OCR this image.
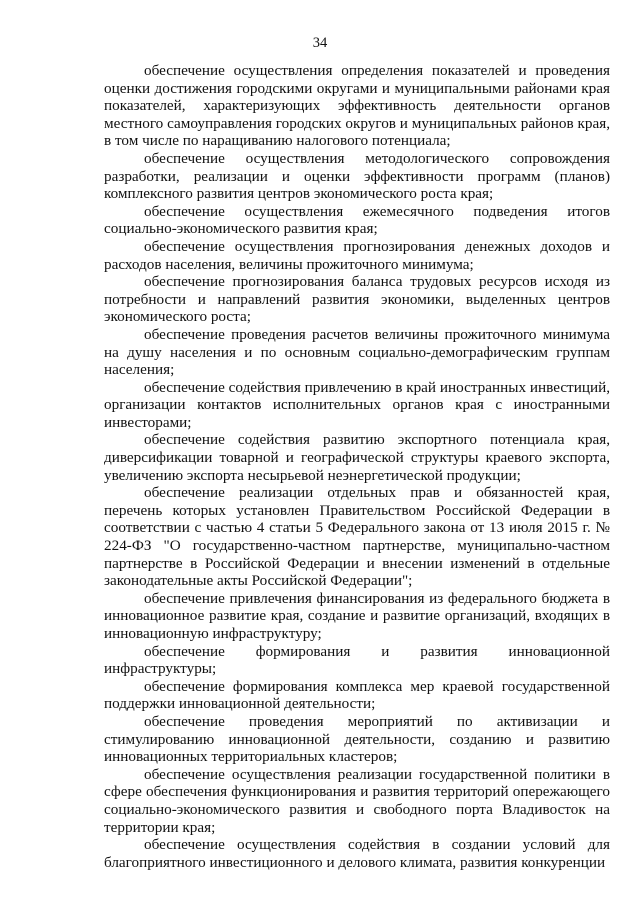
34

обеспечение осуществления определения показателей и проведения оценки достижения городскими округами и муниципальными районами края показателей, характеризующих эффективность деятельности органов местного самоуправления городских округов и муниципальных районов края, в том числе по наращиванию налогового потенциала;

обеспечение осуществления методологического сопровождения разработки, реализации и оценки эффективности программ (планов) комплексного развития центров экономического роста края;

обеспечение осуществления ежемесячного подведения итогов социально-экономического развития края;

обеспечение осуществления прогнозирования денежных доходов и расходов населения, величины прожиточного минимума;

обеспечение прогнозирования баланса трудовых ресурсов исходя из потребности и направлений развития экономики, выделенных центров экономического роста;

обеспечение проведения расчетов величины прожиточного минимума на душу населения и по основным социально-демографическим группам населения;

обеспечение содействия привлечению в край иностранных инвестиций, организации контактов исполнительных органов края с иностранными инвесторами;

обеспечение содействия развитию экспортного потенциала края, диверсификации товарной и географической структуры краевого экспорта, увеличению экспорта несырьевой неэнергетической продукции;

обеспечение реализации отдельных прав и обязанностей края, перечень которых установлен Правительством Российской Федерации в соответствии с частью 4 статьи 5 Федерального закона от 13 июля 2015 г. № 224-ФЗ "О государственно-частном партнерстве, муниципально-частном партнерстве в Российской Федерации и внесении изменений в отдельные законодательные акты Российской Федерации";

обеспечение привлечения финансирования из федерального бюджета в инновационное развитие края, создание и развитие организаций, входящих в инновационную инфраструктуру;

обеспечение формирования и развития инновационной инфраструктуры;

обеспечение формирования комплекса мер краевой государственной поддержки инновационной деятельности;

обеспечение проведения мероприятий по активизации и стимулированию инновационной деятельности, созданию и развитию инновационных территориальных кластеров;

обеспечение осуществления реализации государственной политики в сфере обеспечения функционирования и развития территорий опережающего социально-экономического развития и свободного порта Владивосток на территории края;

обеспечение осуществления содействия в создании условий для благоприятного инвестиционного и делового климата, развития конкуренции
